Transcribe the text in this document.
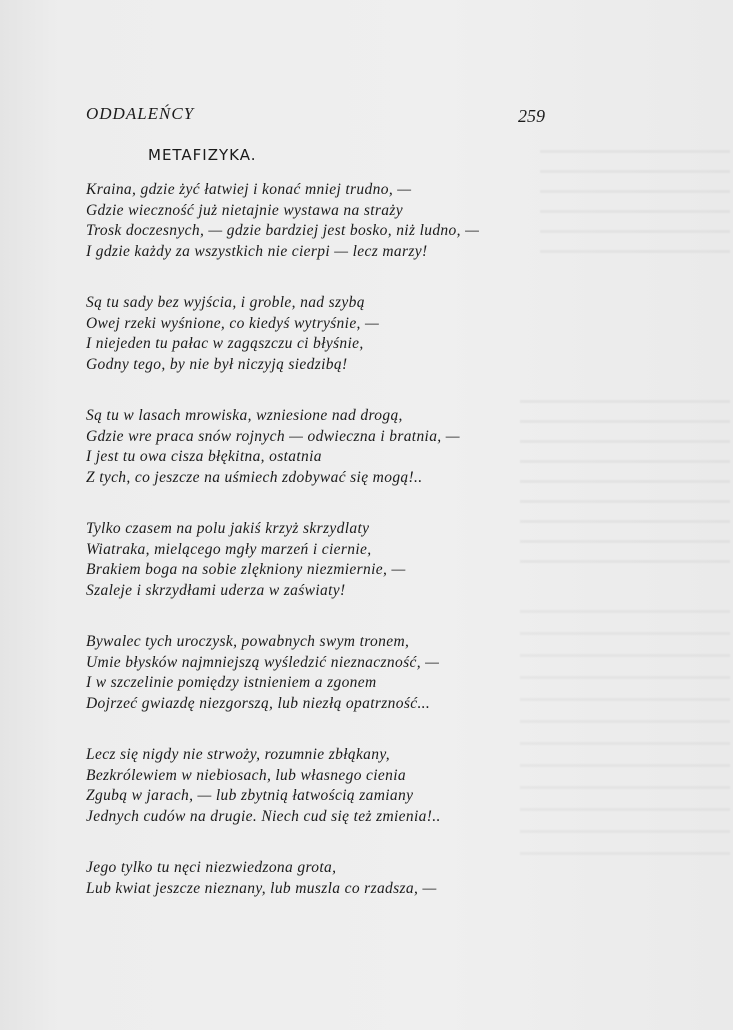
ODDALEŃCY	259
METAFIZYKA.
Kraina, gdzie żyć łatwiej i konać mniej trudno, —
Gdzie wieczność już nietajnie wystawa na straży
Trosk doczesnych, — gdzie bardziej jest bosko, niż ludno, —
I gdzie każdy za wszystkich nie cierpi — lecz marzy!
Są tu sady bez wyjścia, i groble, nad szybą
Owej rzeki wyśnione, co kiedyś wytryśnie, —
I niejeden tu pałac w zagąszczu ci błyśnie,
Godny tego, by nie był niczyją siedzibą!
Są tu w lasach mrowiska, wzniesione nad drogą,
Gdzie wre praca snów rojnych — odwieczna i bratnia, —
I jest tu owa cisza błękitna, ostatnia
Z tych, co jeszcze na uśmiech zdobywać się mogą!..
Tylko czasem na polu jakiś krzyż skrzydlaty
Wiatraka, mielącego mgły marzeń i ciernie,
Brakiem boga na sobie zlękniony niezmiernie, —
Szaleje i skrzydłami uderza w zaświaty!
Bywalec tych uroczysk, powabnych swym tronem,
Umie błysków najmniejszą wyśledzić nieznaczność, —
I w szczelinie pomiędzy istnieniem a zgonem
Dojrzeć gwiazdę niezgorszą, lub niezłą opatrzność...
Lecz się nigdy nie strwoży, rozumnie zbłąkany,
Bezkrólewiem w niebiosach, lub własnego cienia
Zgubą w jarach, — lub zbytnią łatwością zamiany
Jednych cudów na drugie. Niech cud się też zmienia!..
Jego tylko tu nęci niezwiedzona grota,
Lub kwiat jeszcze nieznany, lub muszla co rzadsza, —
